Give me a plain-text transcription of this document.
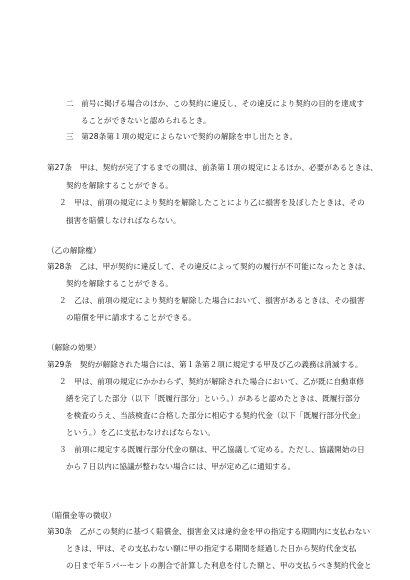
二　前号に掲げる場合のほか、この契約に違反し、その違反により契約の目的を達成す
ることができないと認められるとき。
三　第28条第１項の規定によらないで契約の解除を申し出たとき。
第27条　甲は、契約が完了するまでの間は、前条第１項の規定によるほか、必要があるときは、
契約を解除することができる。
２　甲は、前項の規定により契約を解除したことにより乙に損害を及ぼしたときは、その
損害を賠償しなければならない。
（乙の解除権）
第28条　乙は、甲が契約に違反して、その違反によって契約の履行が不可能になったときは、
契約を解除することができる。
２　乙は、前項の規定により契約を解除した場合において、損害があるときは、その損害
の賠償を甲に請求することができる。
（解除の効果）
第29条　契約が解除された場合には、第１条第２項に規定する甲及び乙の義務は消滅する。
２　甲は、前項の規定にかかわらず、契約が解除された場合において、乙が既に自動車修
繕を完了した部分（以下「既履行部分」という。）があると認めたときは、既履行部分
を検査のうえ、当該検査に合格した部分に相応する契約代金（以下「既履行部分代金」
という。）を乙に支払わなければならない。
３　前項に規定する既履行部分代金の額は、甲乙協議して定める。ただし、協議開始の日
から７日以内に協議が整わない場合には、甲が定め乙に通知する。
（賠償金等の徴収）
第30条　乙がこの契約に基づく賠償金、損害金又は違約金を甲の指定する期間内に支払わない
ときは、甲は、その支払わない額に甲の指定する期間を経過した日から契約代金支払
の日まで年５パーセントの割合で計算した利息を付した額と、甲の支払うべき契約代金と
